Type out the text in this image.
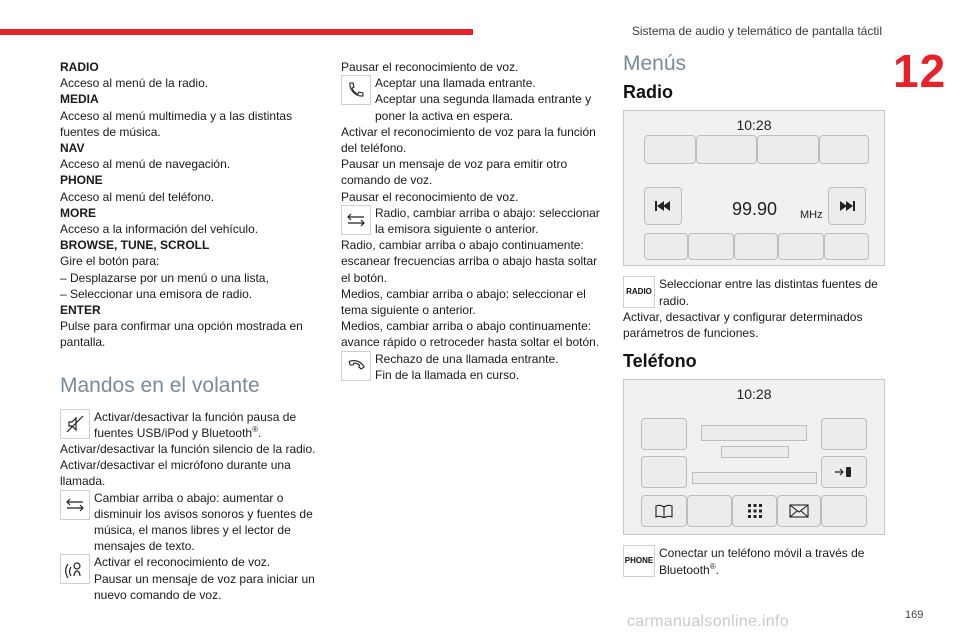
Sistema de audio y telemático de pantalla táctil
12

RADIO

Acceso al menú de la radio.

MEDIA

Acceso al menú multimedia y a las distintas fuentes de música.

NAV

Acceso al menú de navegación.

PHONE

Acceso al menú del teléfono.

MORE

Acceso a la información del vehículo.

BROWSE, TUNE, SCROLL

Gire el botón para:

– Desplazarse por un menú o una lista,

– Seleccionar una emisora de radio.

ENTER

Pulse para confirmar una opción mostrada en pantalla.

Mandos en el volante
Activar/desactivar la función pausa de fuentes USB/iPod y Bluetooth®.

Activar/desactivar la función silencio de la radio.

Activar/desactivar el micrófono durante una llamada.

Cambiar arriba o abajo: aumentar o disminuir los avisos sonoros y fuentes de música, el manos libres y el lector de mensajes de texto.
Activar el reconocimiento de voz.
Pausar un mensaje de voz para iniciar un nuevo comando de voz.

Pausar el reconocimiento de voz.

Aceptar una llamada entrante.
Aceptar una segunda llamada entrante y poner la activa en espera.

Activar el reconocimiento de voz para la función del teléfono.

Pausar un mensaje de voz para emitir otro comando de voz.

Pausar el reconocimiento de voz.

Radio, cambiar arriba o abajo: seleccionar la emisora siguiente o anterior.

Radio, cambiar arriba o abajo continuamente: escanear frecuencias arriba o abajo hasta soltar el botón.

Medios, cambiar arriba o abajo: seleccionar el tema siguiente o anterior.

Medios, cambiar arriba o abajo continuamente: avance rápido o retroceder hasta soltar el botón.

Rechazo de una llamada entrante.
Fin de la llamada en curso.
Menús
Radio
10:28
99.90 MHz
RADIO
Seleccionar entre las distintas fuentes de radio.

Activar, desactivar y configurar determinados parámetros de funciones.

Teléfono
10:28
PHONE
Conectar un teléfono móvil a través de Bluetooth®.
carmanualsonline.info	169
